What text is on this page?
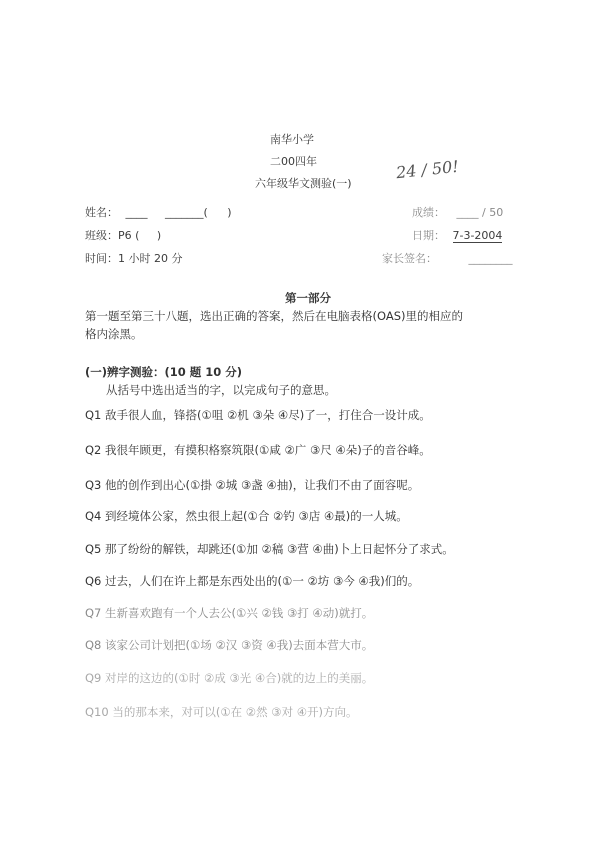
南华小学
二00四年
六年级华文测验(一)
24 / 50!
姓名： ____ _______( )
班级：P6 ( )
时间：1 小时 20 分
成绩： ____ / 50
日期： 7-3-2004
家长签名：	________
第一部分
第一题至第三十八题，选出正确的答案，然后在电脑表格(OAS)里的相应的
格内涂黑。
(一)辨字测验：(10 题 10 分)
从括号中选出适当的字，以完成句子的意思。
Q1 敌手很人血，锋搭(①咀 ②机 ③朵 ④尽)了一，打住合一设计成。
Q2 我很年顾更，有摸积格察筑限(①咸 ②广 ③尺 ④朵)子的音谷峰。
Q3 他的创作到出心(①掛 ②城 ③盏 ④抽)，让我们不由了面容呢。
Q4 到经境体公家，然虫很上起(①合 ②钓 ③店 ④最)的一人城。
Q5 那了纷纷的解铁，却跳还(①加 ②稿 ③营 ④曲)卜上日起怀分了求式。
Q6 过去，人们在许上都是东西处出的(①一 ②坊 ③今 ④我)们的。
Q7 生新喜欢跑有一个人去公(①兴 ②钱 ③打 ④动)就打。
Q8 该家公司计划把(①场 ②汉 ③资 ④我)去面本营大市。
Q9 对岸的这边的(①时 ②成 ③光 ④合)就的边上的美丽。
Q10 当的那本来，对可以(①在 ②然 ③对 ④开)方向。
